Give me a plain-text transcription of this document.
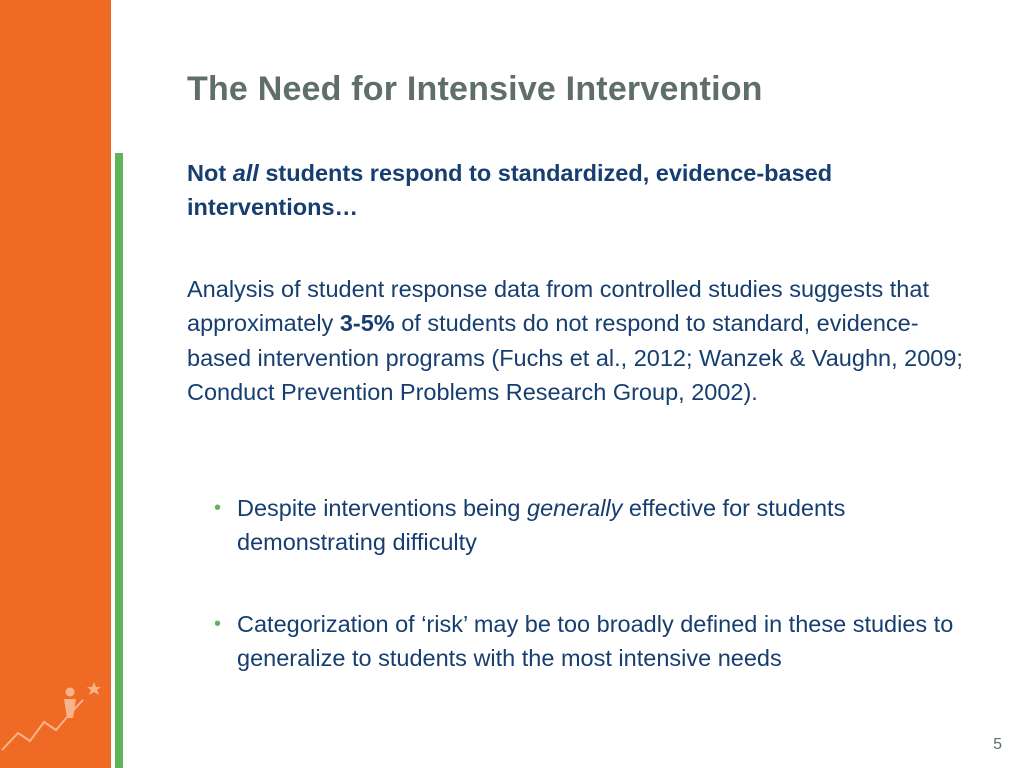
The Need for Intensive Intervention

Not all students respond to standardized, evidence-based interventions…

Analysis of student response data from controlled studies suggests that approximately 3-5% of students do not respond to standard, evidence-based intervention programs (Fuchs et al., 2012; Wanzek & Vaughn, 2009; Conduct Prevention Problems Research Group, 2002).

• Despite interventions being generally effective for students demonstrating difficulty
• Categorization of ‘risk’ may be too broadly defined in these studies to generalize to students with the most intensive needs
5
